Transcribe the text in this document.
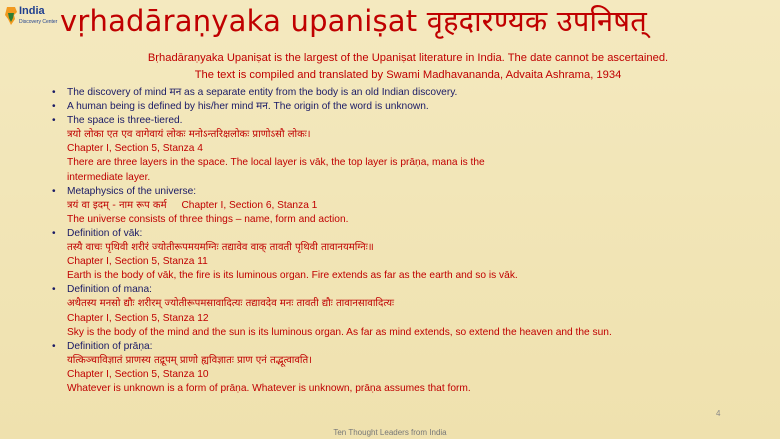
India
Discovery Center vṛhadāraṇyaka upaniṣat वृहदारण्यक उपनिषत्
Bṛhadāraṇyaka Upaniṣat is the largest of the Upaniṣat literature in India. The date cannot be ascertained.
The text is compiled and translated by Swami Madhavananda, Advaita Ashrama, 1934
• The discovery of mind मन as a separate entity from the body is an old Indian discovery.
• A human being is defined by his/her mind मन. The origin of the word is unknown.
• The space is three-tiered.
त्रयो लोका एत एव वागेवायं लोकः मनोऽन्तरिक्षलोकः प्राणोऽसौ लोकः।
Chapter I, Section 5, Stanza 4
There are three layers in the space. The local layer is vāk, the top layer is prāṇa, mana is the
intermediate layer.
• Metaphysics of the universe:
त्रयं वा इदम् - नाम रूप कर्म Chapter I, Section 6, Stanza 1
The universe consists of three things – name, form and action.
• Definition of vāk:
तस्यै वाचः पृथिवी शरीरं ज्योतीरूपमयमग्निः तद्यावेव वाक् तावती पृथिवी तावानयमग्निः॥
Chapter I, Section 5, Stanza 11
Earth is the body of vāk, the fire is its luminous organ. Fire extends as far as the earth and so is vāk.
• Definition of mana:
अथैतस्य मनसो द्यौः शरीरम् ज्योतीरूपमसावादित्यः तद्यावदेव मनः तावती द्यौः तावानसावादित्यः
Chapter I, Section 5, Stanza 12
Sky is the body of the mind and the sun is its luminous organ. As far as mind extends, so extend the heaven and the sun.
• Definition of prāṇa:
यत्किञ्चाविज्ञातं प्राणस्य तद्रूपम् प्राणो ह्यविज्ञातः प्राण एनं तद्भूत्वावति।
Chapter I, Section 5, Stanza 10
Whatever is unknown is a form of prāṇa. Whatever is unknown, prāṇa assumes that form.
4
Ten Thought Leaders from India
